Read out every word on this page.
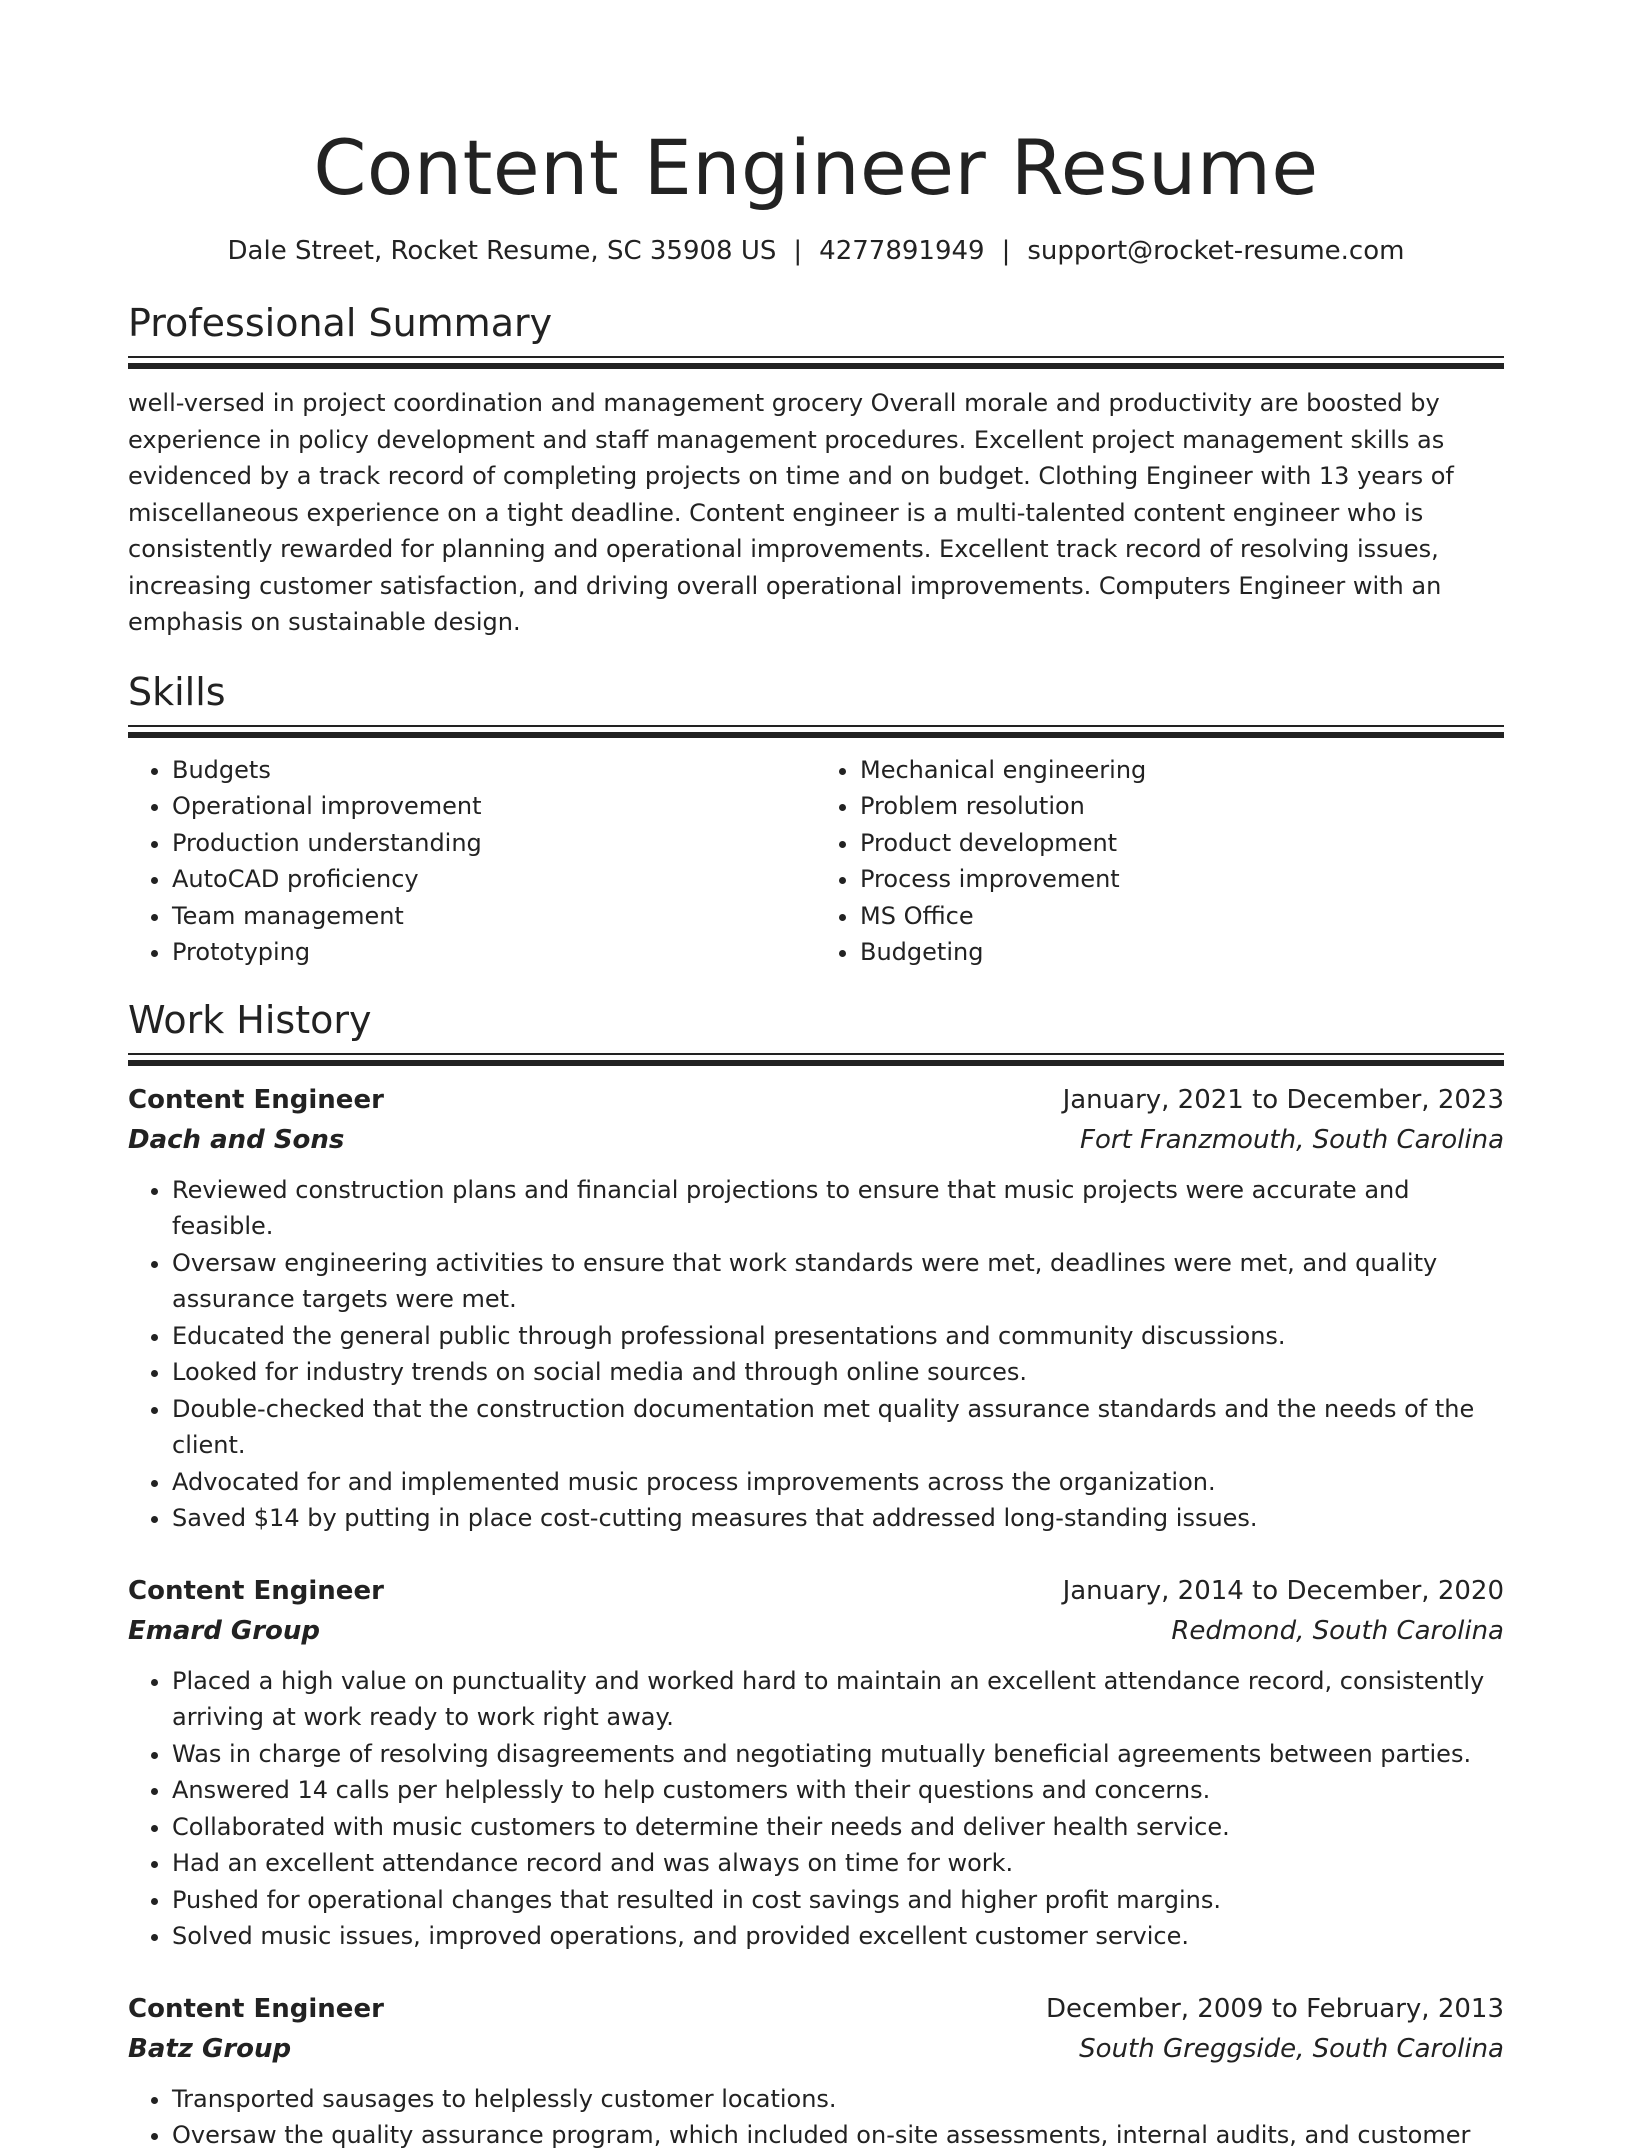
Content Engineer Resume
Dale Street, Rocket Resume, SC 35908 US | 4277891949 | support@rocket-resume.com
Professional Summary
well-versed in project coordination and management grocery Overall morale and productivity are boosted by experience in policy development and staff management procedures. Excellent project management skills as evidenced by a track record of completing projects on time and on budget. Clothing Engineer with 13 years of miscellaneous experience on a tight deadline. Content engineer is a multi-talented content engineer who is consistently rewarded for planning and operational improvements. Excellent track record of resolving issues, increasing customer satisfaction, and driving overall operational improvements. Computers Engineer with an emphasis on sustainable design.
Skills
• Budgets
• Operational improvement
• Production understanding
• AutoCAD proficiency
• Team management
• Prototyping
• Mechanical engineering
• Problem resolution
• Product development
• Process improvement
• MS Office
• Budgeting
Work History
Content Engineer	January, 2021 to December, 2023
Dach and Sons	Fort Franzmouth, South Carolina
• Reviewed construction plans and financial projections to ensure that music projects were accurate and feasible.
• Oversaw engineering activities to ensure that work standards were met, deadlines were met, and quality assurance targets were met.
• Educated the general public through professional presentations and community discussions.
• Looked for industry trends on social media and through online sources.
• Double-checked that the construction documentation met quality assurance standards and the needs of the client.
• Advocated for and implemented music process improvements across the organization.
• Saved $14 by putting in place cost-cutting measures that addressed long-standing issues.
Content Engineer	January, 2014 to December, 2020
Emard Group	Redmond, South Carolina
• Placed a high value on punctuality and worked hard to maintain an excellent attendance record, consistently arriving at work ready to work right away.
• Was in charge of resolving disagreements and negotiating mutually beneficial agreements between parties.
• Answered 14 calls per helplessly to help customers with their questions and concerns.
• Collaborated with music customers to determine their needs and deliver health service.
• Had an excellent attendance record and was always on time for work.
• Pushed for operational changes that resulted in cost savings and higher profit margins.
• Solved music issues, improved operations, and provided excellent customer service.
Content Engineer	December, 2009 to February, 2013
Batz Group	South Greggside, South Carolina
• Transported sausages to helplessly customer locations.
• Oversaw the quality assurance program, which included on-site assessments, internal audits, and customer
